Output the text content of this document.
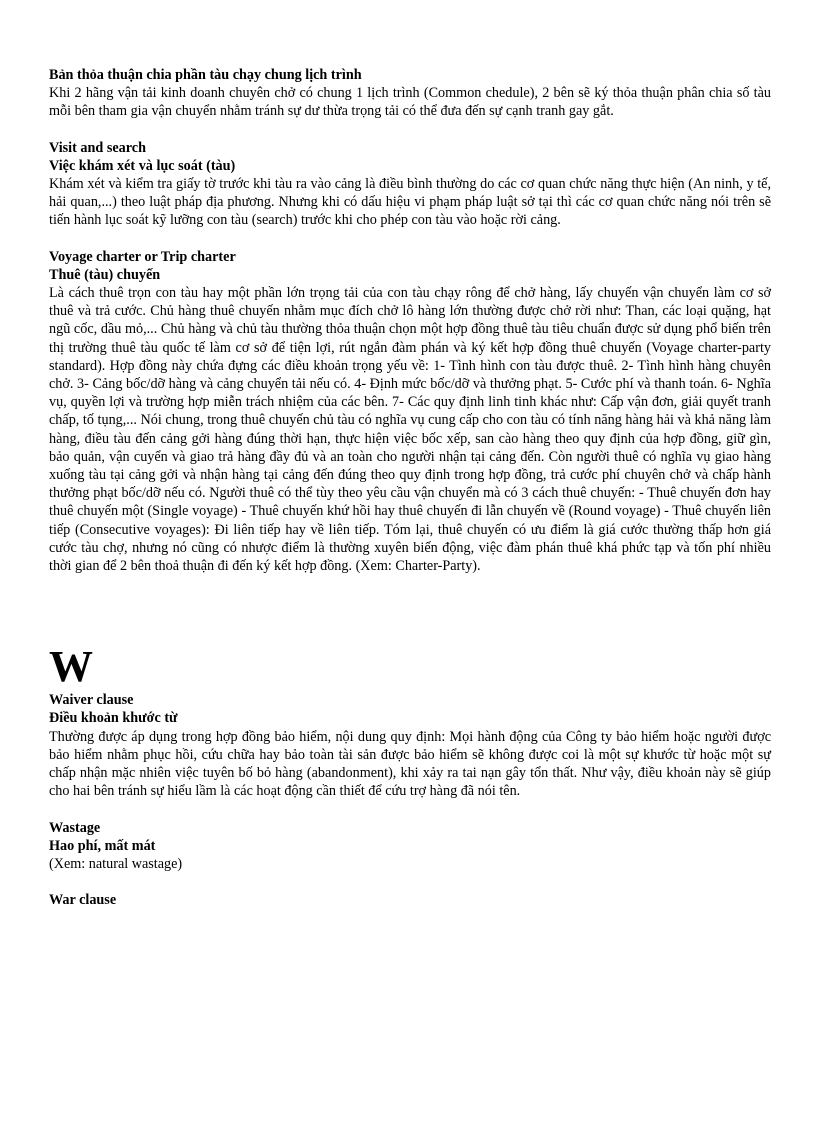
Bản thỏa thuận chia phần tàu chạy chung lịch trình
Khi 2 hãng vận tải kinh doanh chuyên chở có chung 1 lịch trình (Common chedule), 2 bên sẽ ký thỏa thuận phân chia số tàu mỗi bên tham gia vận chuyển nhằm tránh sự dư thừa trọng tải có thể đưa đến sự cạnh tranh gay gắt.
Visit and search
Việc khám xét và lục soát (tàu)
Khám xét và kiểm tra giấy tờ trước khi tàu ra vào cảng là điều bình thường do các cơ quan chức năng thực hiện (An ninh, y tế, hải quan,...) theo luật pháp địa phương. Nhưng khi có dấu hiệu vi phạm pháp luật sở tại thì các cơ quan chức năng nói trên sẽ tiến hành lục soát kỹ lưỡng con tàu (search) trước khi cho phép con tàu vào hoặc rời cảng.
Voyage charter or Trip charter
Thuê (tàu) chuyến
Là cách thuê trọn con tàu hay một phần lớn trọng tải của con tàu chạy rông để chở hàng, lấy chuyến vận chuyển làm cơ sở thuê và trả cước. Chủ hàng thuê chuyến nhằm mục đích chở lô hàng lớn thường được chở rời như: Than, các loại quặng, hạt ngũ cốc, dầu mỏ,... Chủ hàng và chủ tàu thường thỏa thuận chọn một hợp đồng thuê tàu tiêu chuẩn được sử dụng phổ biến trên thị trường thuê tàu quốc tế làm cơ sở để tiện lợi, rút ngắn đàm phán và ký kết hợp đồng thuê chuyến (Voyage charter-party standard). Hợp đồng này chứa đựng các điều khoản trọng yếu về: 1- Tình hình con tàu được thuê. 2- Tình hình hàng chuyên chở. 3- Cảng bốc/dỡ hàng và cảng chuyển tải nếu có. 4- Định mức bốc/dỡ và thưởng phạt. 5- Cước phí và thanh toán. 6- Nghĩa vụ, quyền lợi và trường hợp miễn trách nhiệm của các bên. 7- Các quy định linh tinh khác như: Cấp vận đơn, giải quyết tranh chấp, tố tụng,... Nói chung, trong thuê chuyến chủ tàu có nghĩa vụ cung cấp cho con tàu có tính năng hàng hải và khả năng làm hàng, điều tàu đến cảng gởi hàng đúng thời hạn, thực hiện việc bốc xếp, san cào hàng theo quy định của hợp đồng, giữ gìn, bảo quản, vận cuyển và giao trả hàng đầy đủ và an toàn cho người nhận tại cảng đến. Còn người thuê có nghĩa vụ giao hàng xuống tàu tại cảng gởi và nhận hàng tại cảng đến đúng theo quy định trong hợp đồng, trả cước phí chuyên chở và chấp hành thưởng phạt bốc/dỡ nếu có. Người thuê có thể tùy theo yêu cầu vận chuyển mà có 3 cách thuê chuyến: - Thuê chuyến đơn hay thuê chuyến một (Single voyage) - Thuê chuyến khứ hồi hay thuê chuyến đi lẫn chuyến về (Round voyage) - Thuê chuyến liên tiếp (Consecutive voyages): Đi liên tiếp hay về liên tiếp. Tóm lại, thuê chuyến có ưu điểm là giá cước thường thấp hơn giá cước tàu chợ, nhưng nó cũng có nhược điểm là thường xuyên biến động, việc đàm phán thuê khá phức tạp và tốn phí nhiều thời gian để 2 bên thoả thuận đi đến ký kết hợp đồng. (Xem: Charter-Party).
W
Waiver clause
Điều khoản khước từ
Thường được áp dụng trong hợp đồng bảo hiểm, nội dung quy định: Mọi hành động của Công ty bảo hiểm hoặc người được bảo hiểm nhằm phục hồi, cứu chữa hay bảo toàn tài sản được bảo hiểm sẽ không được coi là một sự khước từ hoặc một sự chấp nhận mặc nhiên việc tuyên bố bỏ hàng (abandonment), khi xảy ra tai nạn gây tổn thất. Như vậy, điều khoản này sẽ giúp cho hai bên tránh sự hiểu lầm là các hoạt động cần thiết để cứu trợ hàng đã nói tên.
Wastage
Hao phí, mất mát
(Xem: natural wastage)
War clause
